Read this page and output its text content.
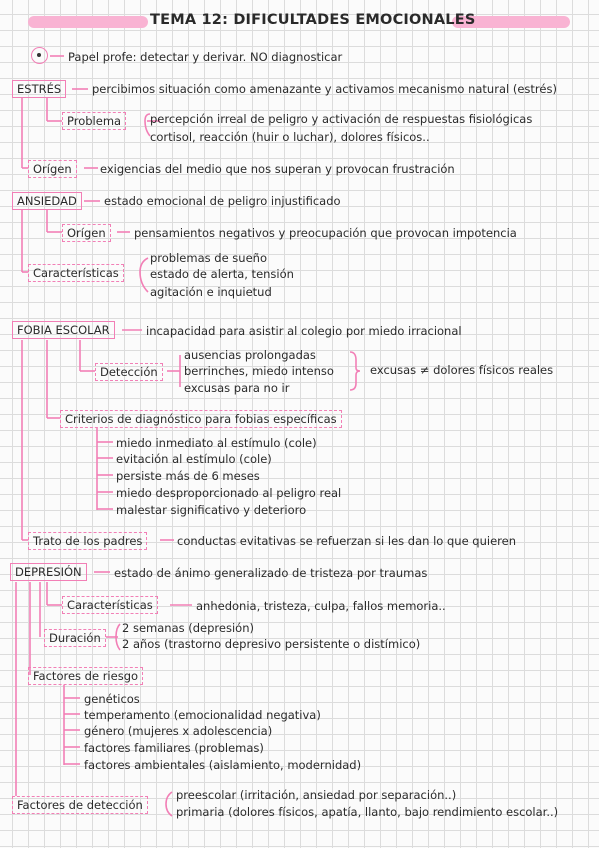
TEMA 12: DIFICULTADES EMOCIONALES
Papel profe: detectar y derivar. NO diagnosticar
ESTRÉS	percibimos situación como amenazante y activamos mecanismo natural (estrés)
Problema	percepción irreal de peligro y activación de respuestas fisiológicas
cortisol, reacción (huir o luchar), dolores físicos..
Orígen	exigencias del medio que nos superan y provocan frustración
ANSIEDAD	estado emocional de peligro injustificado
Orígen	pensamientos negativos y preocupación que provocan impotencia
Características
problemas de sueño
estado de alerta, tensión
agitación e inquietud
FOBIA ESCOLAR	incapacidad para asistir al colegio por miedo irracional
Detección
ausencias prolongadas
berrinches, miedo intenso
excusas para no ir
excusas ≠ dolores físicos reales
Criterios de diagnóstico para fobias específicas
miedo inmediato al estímulo (cole)
evitación al estímulo (cole)
persiste más de 6 meses
miedo desproporcionado al peligro real
malestar significativo y deterioro
Trato de los padres	conductas evitativas se refuerzan si les dan lo que quieren
DEPRESIÓN	estado de ánimo generalizado de tristeza por traumas
Características	anhedonia, tristeza, culpa, fallos memoria..
Duración
2 semanas (depresión)
2 años (trastorno depresivo persistente o distímico)
Factores de riesgo
genéticos
temperamento (emocionalidad negativa)
género (mujeres x adolescencia)
factores familiares (problemas)
factores ambientales (aislamiento, modernidad)
Factores de detección
preescolar (irritación, ansiedad por separación..)
primaria (dolores físicos, apatía, llanto, bajo rendimiento escolar..)
